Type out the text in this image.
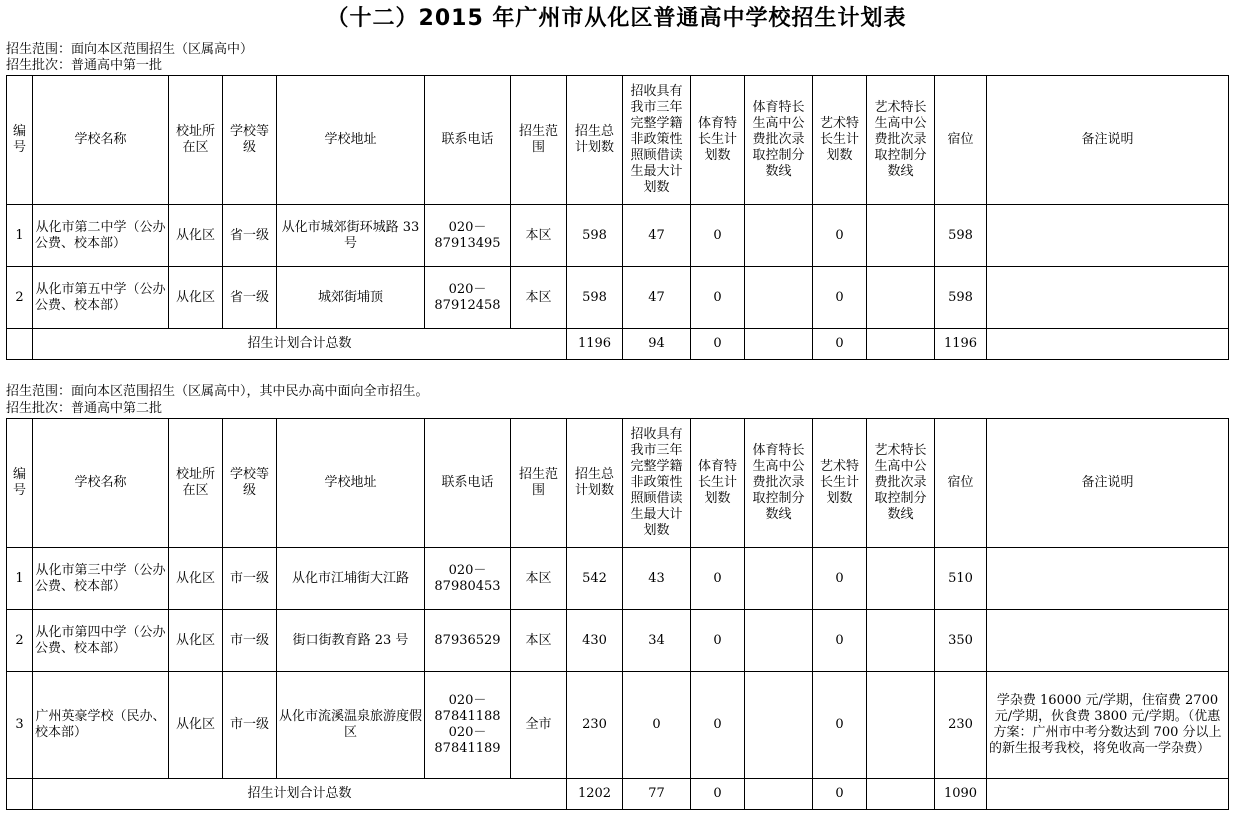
（十二）2015 年广州市从化区普通高中学校招生计划表
招生范围：面向本区范围招生（区属高中）
招生批次：普通高中第一批
编号	学校名称	校址所在区	学校等级	学校地址	联系电话	招生范围	招生总计划数	招收具有我市三年完整学籍非政策性照顾借读生最大计划数	体育特长生计划数	体育特长生高中公费批次录取控制分数线	艺术特长生计划数	艺术特长生高中公费批次录取控制分数线	宿位	备注说明
1	从化市第二中学（公办公费、校本部）	从化区	省一级	从化市城郊街环城路 33 号	020－
87913495	本区	598	47	0		0		598	
2	从化市第五中学（公办公费、校本部）	从化区	省一级	城郊街埔顶	020－
87912458	本区	598	47	0		0		598	
	招生计划合计总数						1196	94	0		0		1196	
招生范围：面向本区范围招生（区属高中），其中民办高中面向全市招生。
招生批次：普通高中第二批
编号	学校名称	校址所在区	学校等级	学校地址	联系电话	招生范围	招生总计划数	招收具有我市三年完整学籍非政策性照顾借读生最大计划数	体育特长生计划数	体育特长生高中公费批次录取控制分数线	艺术特长生计划数	艺术特长生高中公费批次录取控制分数线	宿位	备注说明
1	从化市第三中学（公办公费、校本部）	从化区	市一级	从化市江埔街大江路	020－
87980453	本区	542	43	0		0		510	
2	从化市第四中学（公办公费、校本部）	从化区	市一级	街口街教育路 23 号	87936529	本区	430	34	0		0		350	
3	广州英豪学校（民办、校本部）	从化区	市一级	从化市流溪温泉旅游度假区	020－
87841188
020－
87841189	全市	230	0	0		0		230	学杂费 16000 元/学期，住宿费 2700 元/学期，伙食费 3800 元/学期。（优惠方案：广州市中考分数达到 700 分以上的新生报考我校，将免收高一学杂费）
	招生计划合计总数						1202	77	0		0		1090	
